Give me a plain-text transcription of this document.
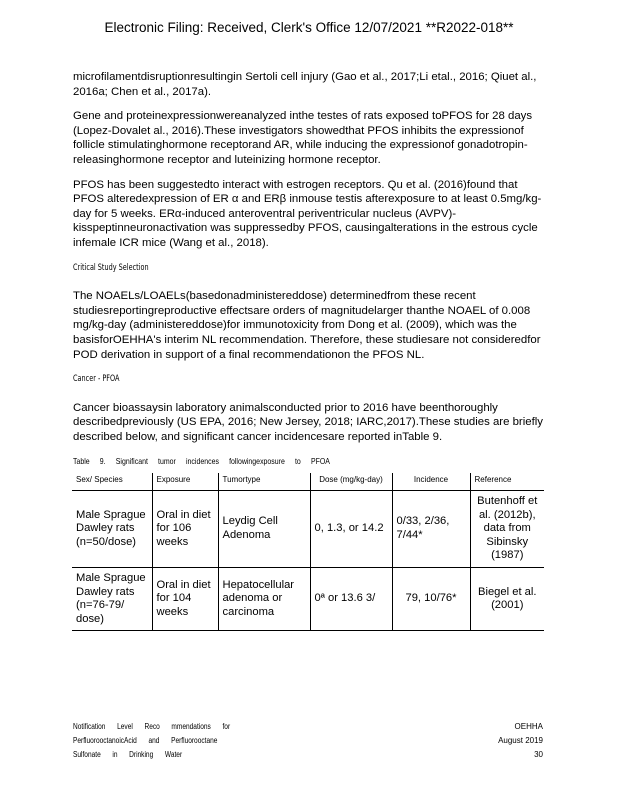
Electronic Filing: Received, Clerk's Office 12/07/2021 **R2022-018**

microfilamentdisruptionresultingin Sertoli cell injury (Gao et al., 2017;Li etal., 2016; Qiuet al., 2016a; Chen et al., 2017a).

Gene and proteinexpressionwereanalyzed inthe testes of rats exposed toPFOS for 28 days (Lopez-Dovalet al., 2016).These investigators showedthat PFOS inhibits the expressionof follicle stimulatinghormone receptorand AR, while inducing the expressionof gonadotropin-releasinghormone receptor and luteinizing hormone receptor.

PFOS has been suggestedto interact with estrogen receptors. Qu et al. (2016)found that PFOS alteredexpression of ER α and ERβ inmouse testis afterexposure to at least 0.5mg/kg-day for 5 weeks. ERα-induced anteroventral periventricular nucleus (AVPV)-kisspeptinneuronactivation was suppressedby PFOS, causingalterations in the estrous cycle infemale ICR mice (Wang et al., 2018).

Critical Study Selection

The NOAELs/LOAELs(basedonadministereddose) determinedfrom these recent studiesreportingreproductive effectsare orders of magnitudelarger thanthe NOAEL of 0.008 mg/kg-day (administereddose)for immunotoxicity from Dong et al. (2009), which was the basisforOEHHA's interim NL recommendation. Therefore, these studiesare not consideredfor POD derivation in support of a final recommendationon the PFOS NL.

Cancer - PFOA

Cancer bioassaysin laboratory animalsconducted prior to 2016 have beenthoroughly describedpreviously (US EPA, 2016; New Jersey, 2018; IARC,2017).These studies are briefly described below, and significant cancer incidencesare reported inTable 9.

Table 9. Significant tumor incidences followingexposure to PFOA
Sex/ Species	Exposure	Tumortype	Dose (mg/kg-day)	Incidence	Reference
Male Sprague Dawley rats (n=50/dose)	Oral in diet for 106 weeks	Leydig Cell Adenoma	0, 1.3, or 14.2	0/33, 2/36, 7/44*	Butenhoff et al. (2012b), data from Sibinsky (1987)
Male Sprague Dawley rats (n=76-79/ dose)	Oral in diet for 104 weeks	Hepatocellular adenoma or carcinoma	0ª or 13.6 3/	79, 10/76*	Biegel et al. (2001)
Notification Level Reco mmendations for	OEHHA
PerfluorooctanoicAcid and Perfluorooctane	August 2019
Sulfonate in Drinking Water	30
